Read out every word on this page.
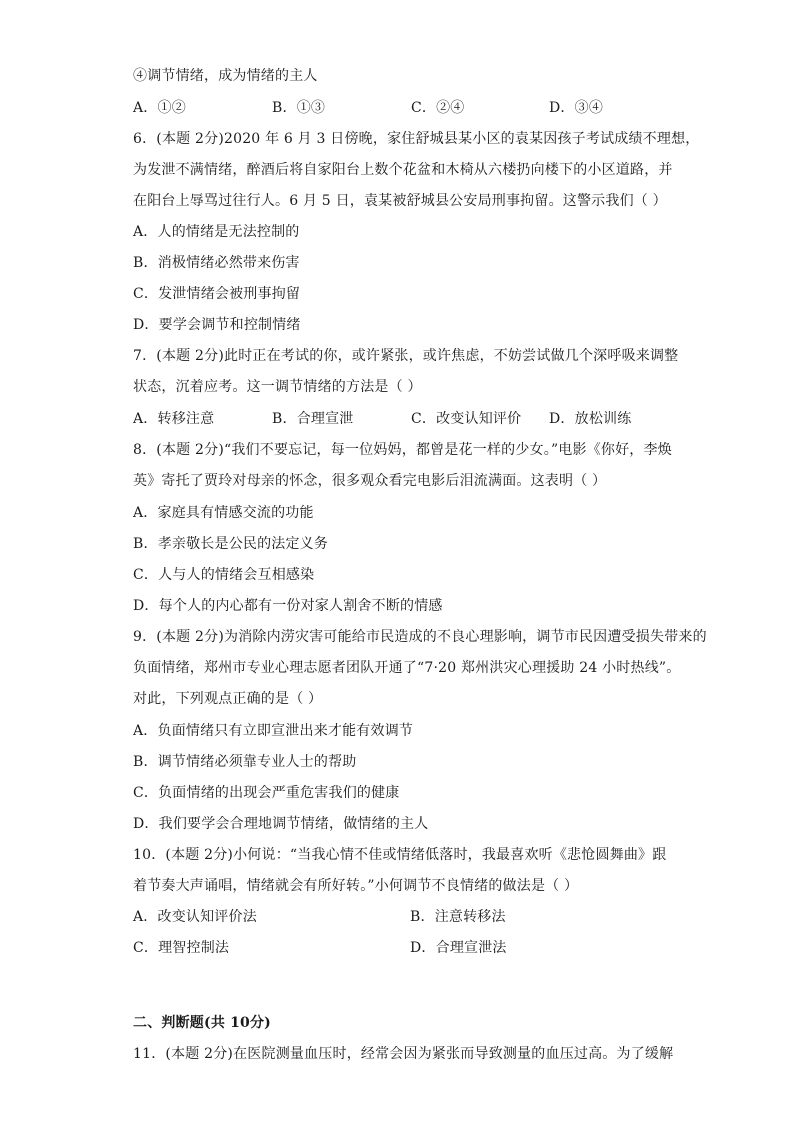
④调节情绪，成为情绪的主人
A．①②	B．①③	C．②④	D．③④
6．(本题 2分)2020 年 6 月 3 日傍晚，家住舒城县某小区的袁某因孩子考试成绩不理想，
为发泄不满情绪，醉酒后将自家阳台上数个花盆和木椅从六楼扔向楼下的小区道路，并
在阳台上辱骂过往行人。6 月 5 日，袁某被舒城县公安局刑事拘留。这警示我们（ ）
A．人的情绪是无法控制的
B．消极情绪必然带来伤害
C．发泄情绪会被刑事拘留
D．要学会调节和控制情绪
7．(本题 2分)此时正在考试的你，或许紧张，或许焦虑，不妨尝试做几个深呼吸来调整
状态，沉着应考。这一调节情绪的方法是（ ）
A．转移注意	B．合理宣泄	C．改变认知评价 D．放松训练
8．(本题 2分)“我们不要忘记，每一位妈妈，都曾是花一样的少女。”电影《你好，李焕
英》寄托了贾玲对母亲的怀念，很多观众看完电影后泪流满面。这表明（ ）
A．家庭具有情感交流的功能
B．孝亲敬长是公民的法定义务
C．人与人的情绪会互相感染
D．每个人的内心都有一份对家人割舍不断的情感
9．(本题 2分)为消除内涝灾害可能给市民造成的不良心理影响，调节市民因遭受损失带来的
负面情绪，郑州市专业心理志愿者团队开通了“7·20 郑州洪灾心理援助 24 小时热线”。
对此，下列观点正确的是（ ）
A．负面情绪只有立即宣泄出来才能有效调节
B．调节情绪必须靠专业人士的帮助
C．负面情绪的出现会严重危害我们的健康
D．我们要学会合理地调节情绪，做情绪的主人
10．(本题 2分)小何说：“当我心情不佳或情绪低落时，我最喜欢听《悲怆圆舞曲》跟
着节奏大声诵唱，情绪就会有所好转。”小何调节不良情绪的做法是（ ）
A．改变认知评价法	B．注意转移法
C．理智控制法	D．合理宣泄法
二、判断题(共 10分)
11．(本题 2分)在医院测量血压时，经常会因为紧张而导致测量的血压过高。为了缓解
